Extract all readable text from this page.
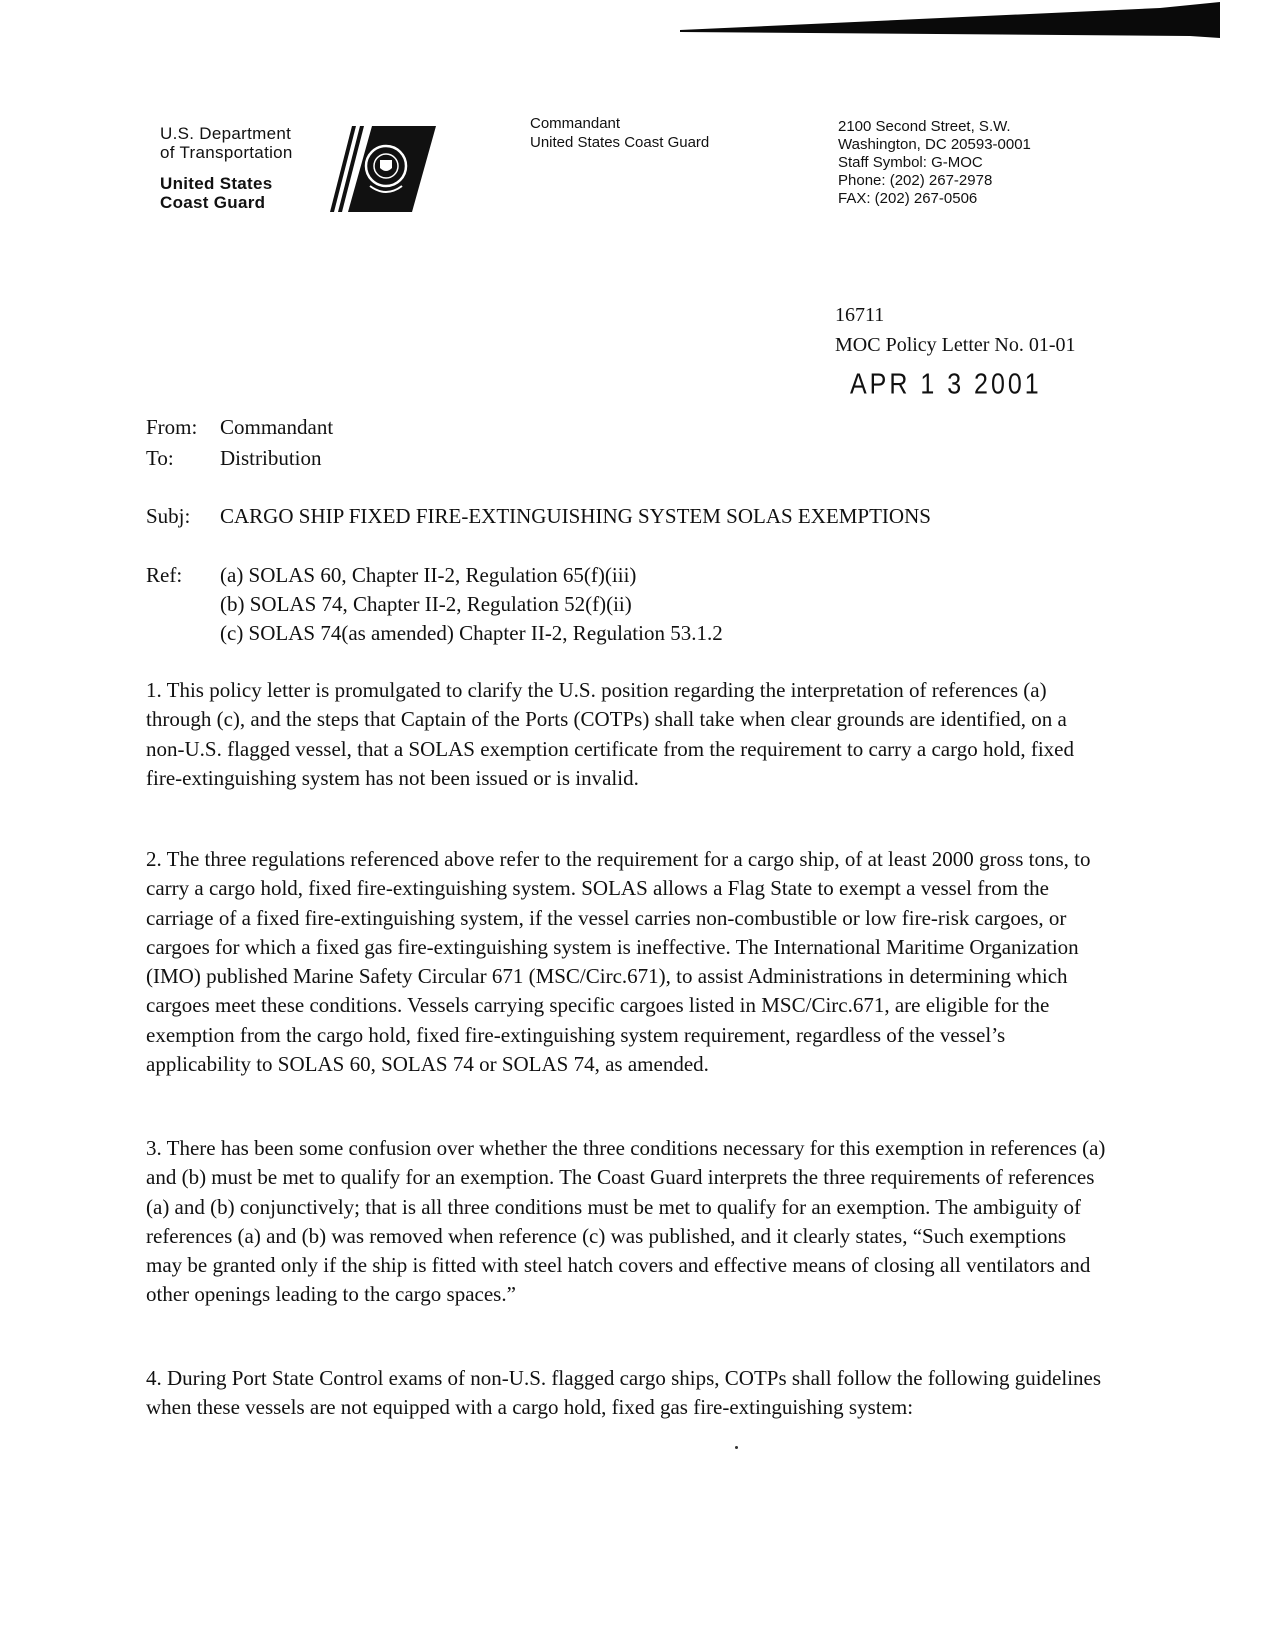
U.S. Department
of Transportation
United States
Coast Guard
Commandant
United States Coast Guard
2100 Second Street, S.W.
Washington, DC 20593-0001
Staff Symbol: G-MOC
Phone: (202) 267-2978
FAX: (202) 267-0506
16711
MOC Policy Letter No. 01-01
APR 1 3 2001
From:	Commandant
To:	Distribution
Subj:	CARGO SHIP FIXED FIRE-EXTINGUISHING SYSTEM SOLAS EXEMPTIONS
Ref:	(a) SOLAS 60, Chapter II-2, Regulation 65(f)(iii)
(b) SOLAS 74, Chapter II-2, Regulation 52(f)(ii)
(c) SOLAS 74(as amended) Chapter II-2, Regulation 53.1.2

1. This policy letter is promulgated to clarify the U.S. position regarding the interpretation of references (a) through (c), and the steps that Captain of the Ports (COTPs) shall take when clear grounds are identified, on a non-U.S. flagged vessel, that a SOLAS exemption certificate from the requirement to carry a cargo hold, fixed fire-extinguishing system has not been issued or is invalid.

2. The three regulations referenced above refer to the requirement for a cargo ship, of at least 2000 gross tons, to carry a cargo hold, fixed fire-extinguishing system. SOLAS allows a Flag State to exempt a vessel from the carriage of a fixed fire-extinguishing system, if the vessel carries non-combustible or low fire-risk cargoes, or cargoes for which a fixed gas fire-extinguishing system is ineffective. The International Maritime Organization (IMO) published Marine Safety Circular 671 (MSC/Circ.671), to assist Administrations in determining which cargoes meet these conditions. Vessels carrying specific cargoes listed in MSC/Circ.671, are eligible for the exemption from the cargo hold, fixed fire-extinguishing system requirement, regardless of the vessel’s applicability to SOLAS 60, SOLAS 74 or SOLAS 74, as amended.

3. There has been some confusion over whether the three conditions necessary for this exemption in references (a) and (b) must be met to qualify for an exemption. The Coast Guard interprets the three requirements of references (a) and (b) conjunctively; that is all three conditions must be met to qualify for an exemption. The ambiguity of references (a) and (b) was removed when reference (c) was published, and it clearly states, “Such exemptions may be granted only if the ship is fitted with steel hatch covers and effective means of closing all ventilators and other openings leading to the cargo spaces.”

4. During Port State Control exams of non-U.S. flagged cargo ships, COTPs shall follow the following guidelines when these vessels are not equipped with a cargo hold, fixed gas fire-extinguishing system:
